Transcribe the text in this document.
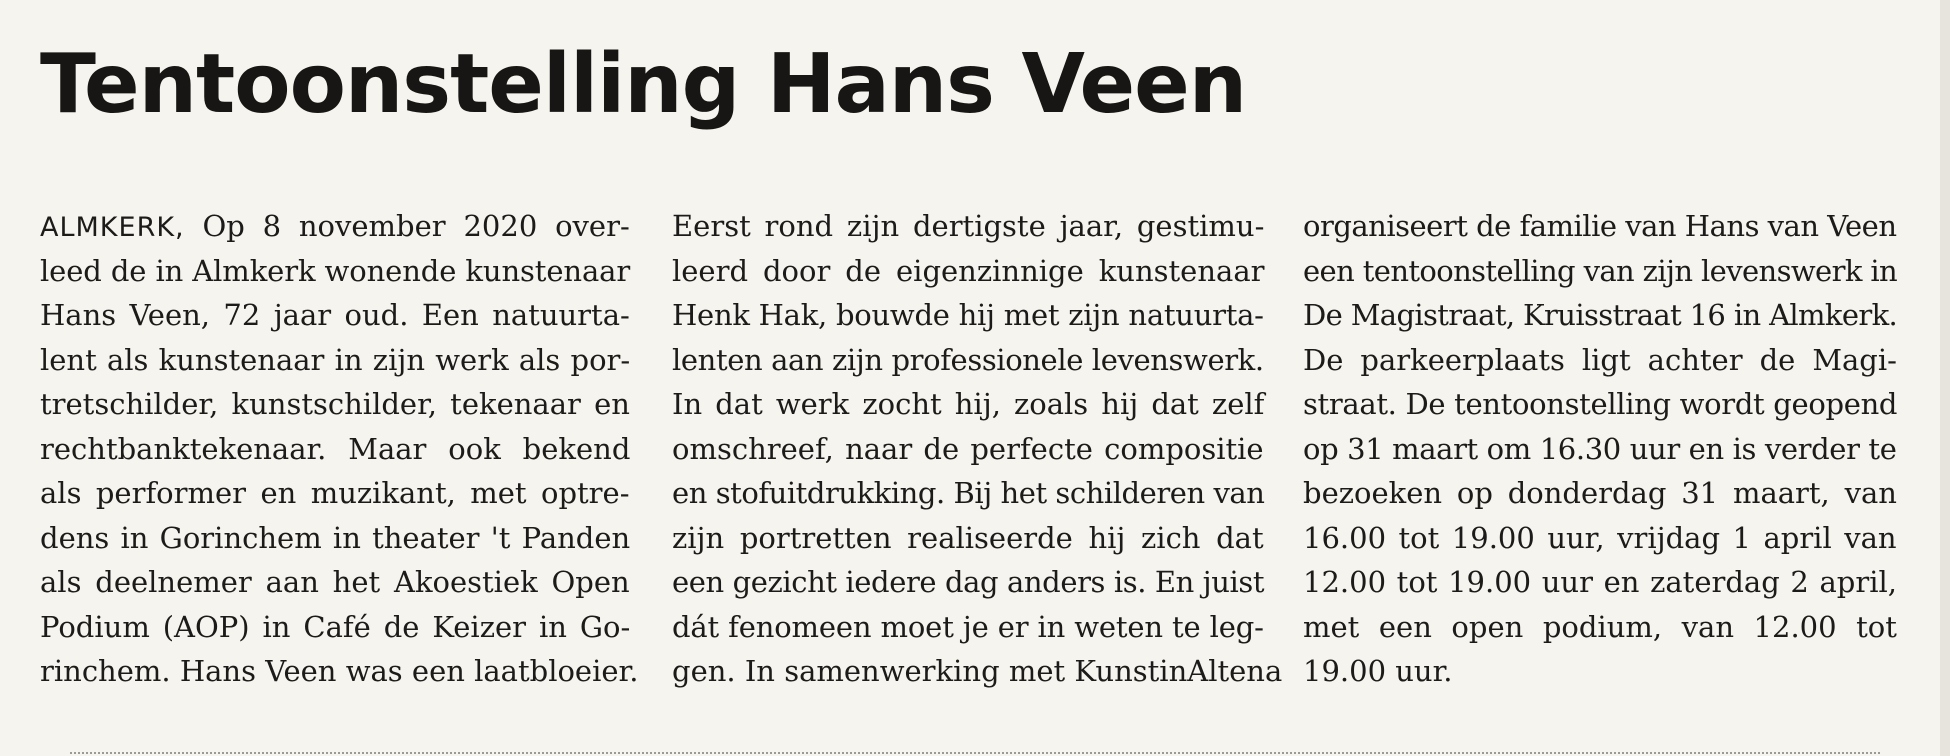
Tentoonstelling Hans Veen
ALMKERK, Op 8 november 2020 over-
leed de in Almkerk wonende kunstenaar
Hans Veen, 72 jaar oud. Een natuurta-
lent als kunstenaar in zijn werk als por-
tretschilder, kunstschilder, tekenaar en
rechtbanktekenaar. Maar ook bekend
als performer en muzikant, met optre-
dens in Gorinchem in theater 't Panden
als deelnemer aan het Akoestiek Open
Podium (AOP) in Café de Keizer in Go-
rinchem. Hans Veen was een laatbloeier.
Eerst rond zijn dertigste jaar, gestimu-
leerd door de eigenzinnige kunstenaar
Henk Hak, bouwde hij met zijn natuurta-
lenten aan zijn professionele levenswerk.
In dat werk zocht hij, zoals hij dat zelf
omschreef, naar de perfecte compositie
en stofuitdrukking. Bij het schilderen van
zijn portretten realiseerde hij zich dat
een gezicht iedere dag anders is. En juist
dát fenomeen moet je er in weten te leg-
gen. In samenwerking met KunstinAltena
organiseert de familie van Hans van Veen
een tentoonstelling van zijn levenswerk in
De Magistraat, Kruisstraat 16 in Almkerk.
De parkeerplaats ligt achter de Magi-
straat. De tentoonstelling wordt geopend
op 31 maart om 16.30 uur en is verder te
bezoeken op donderdag 31 maart, van
16.00 tot 19.00 uur, vrijdag 1 april van
12.00 tot 19.00 uur en zaterdag 2 april,
met een open podium, van 12.00 tot
19.00 uur.
